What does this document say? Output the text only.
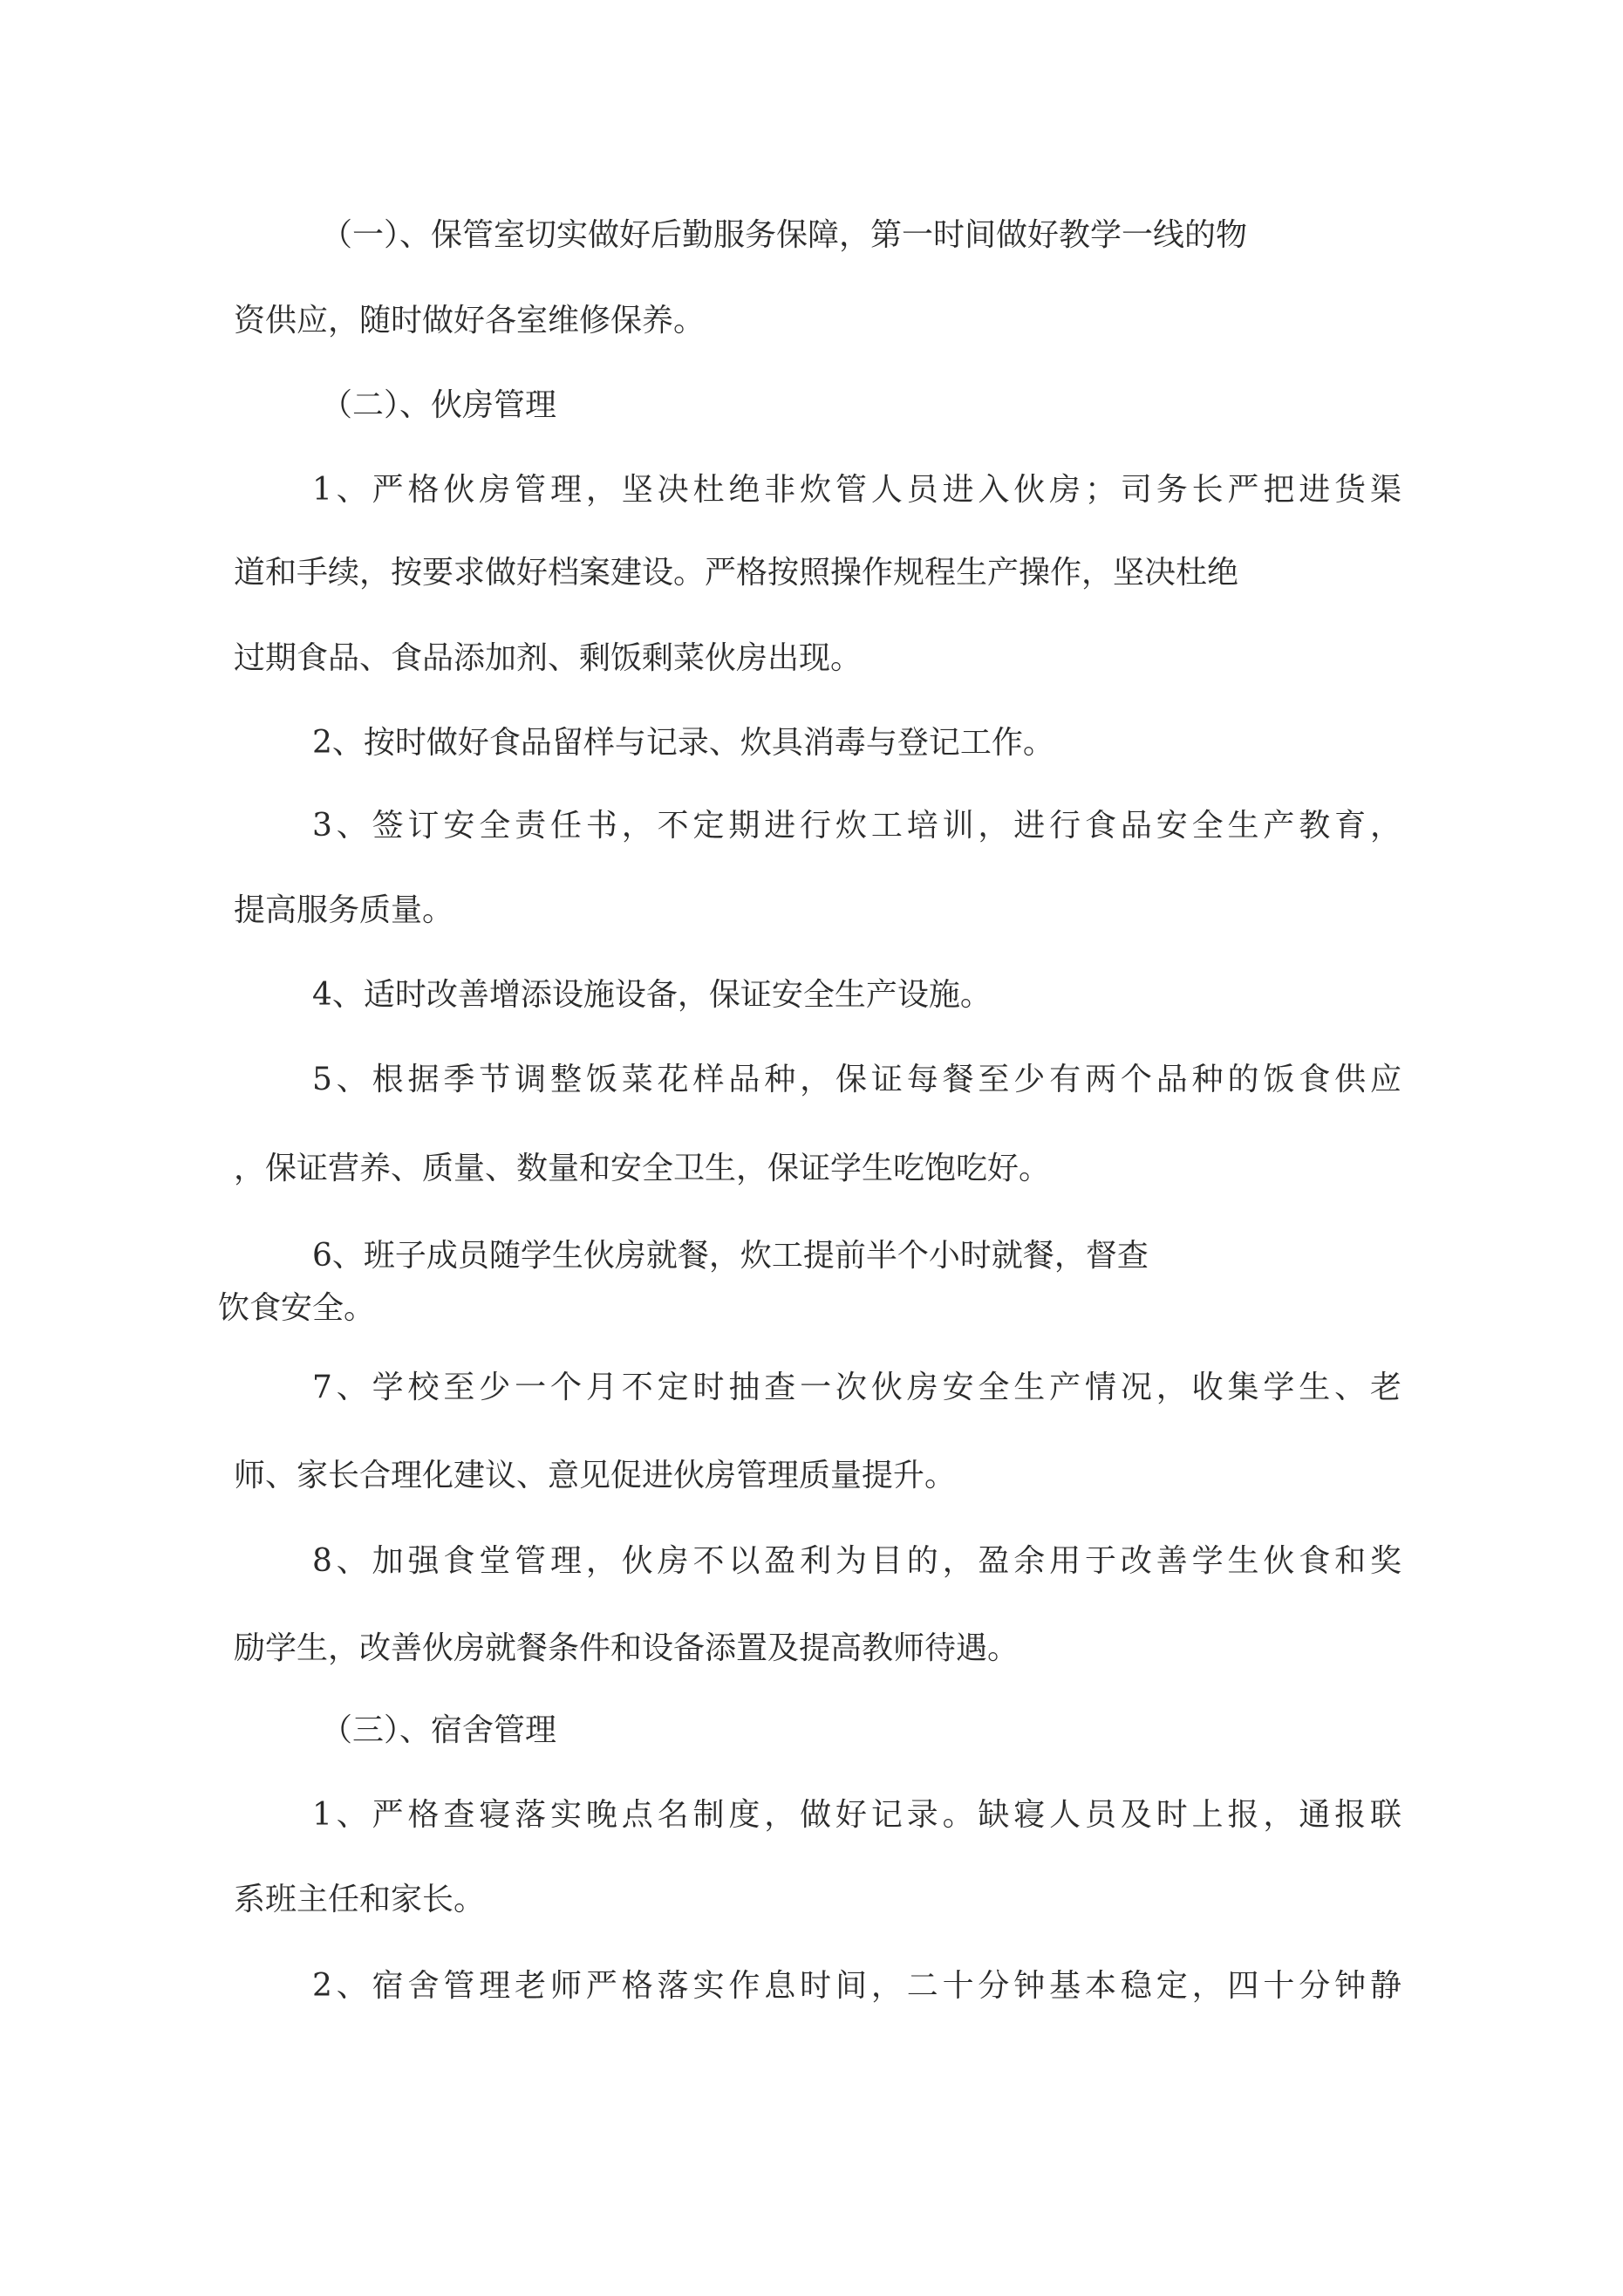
（一）、保管室切实做好后勤服务保障，第一时间做好教学一线的物
资供应，随时做好各室维修保养。
（二）、伙房管理
1、严格伙房管理，坚决杜绝非炊管人员进入伙房；司务长严把进货渠
道和手续，按要求做好档案建设。严格按照操作规程生产操作，坚决杜绝
过期食品、食品添加剂、剩饭剩菜伙房出现。
2、按时做好食品留样与记录、炊具消毒与登记工作。
3、签订安全责任书，不定期进行炊工培训，进行食品安全生产教育，
提高服务质量。
4、适时改善增添设施设备，保证安全生产设施。
5、根据季节调整饭菜花样品种，保证每餐至少有两个品种的饭食供应
，保证营养、质量、数量和安全卫生，保证学生吃饱吃好。
6、班子成员随学生伙房就餐，炊工提前半个小时就餐，督查
饮食安全。
7、学校至少一个月不定时抽查一次伙房安全生产情况，收集学生、老
师、家长合理化建议、意见促进伙房管理质量提升。
8、加强食堂管理，伙房不以盈利为目的，盈余用于改善学生伙食和奖
励学生，改善伙房就餐条件和设备添置及提高教师待遇。
（三）、宿舍管理
1、严格查寝落实晚点名制度，做好记录。缺寝人员及时上报，通报联
系班主任和家长。
2、宿舍管理老师严格落实作息时间，二十分钟基本稳定，四十分钟静
